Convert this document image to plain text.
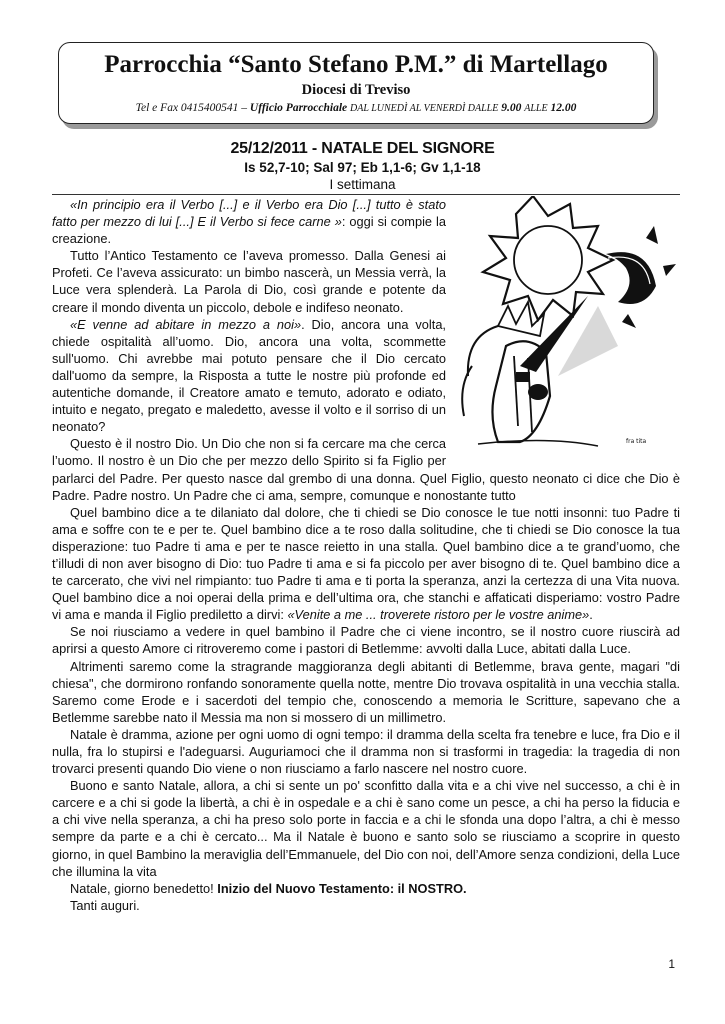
Parrocchia “Santo Stefano P.M.” di Martellago
Diocesi di Treviso
Tel e Fax 0415400541 – Ufficio Parrocchiale DAL LUNEDÌ AL VENERDÌ DALLE 9.00 ALLE 12.00
25/12/2011 - NATALE DEL SIGNORE
Is 52,7-10; Sal 97; Eb 1,1-6; Gv 1,1-18
I settimana
fra tita

«In principio era il Verbo [...] e il Verbo era Dio [...] tutto è stato fatto per mezzo di lui [...] E il Verbo si fece carne »: oggi si compie la creazione.

Tutto l’Antico Testamento ce l’aveva promesso. Dalla Genesi ai Profeti. Ce l’aveva assicurato: un bimbo nascerà, un Messia verrà, la Luce vera splenderà. La Parola di Dio, così grande e potente da creare il mondo diventa un piccolo, debole e indifeso neonato.

«E venne ad abitare in mezzo a noi». Dio, ancora una volta, chiede ospitalità all’uomo. Dio, ancora una volta, scommette sull'uomo. Chi avrebbe mai potuto pensare che il Dio cercato dall'uomo da sempre, la Risposta a tutte le nostre più profonde ed autentiche domande, il Creatore amato e temuto, adorato e odiato, intuito e negato, pregato e maledetto, avesse il volto e il sorriso di un neonato?

Questo è il nostro Dio. Un Dio che non si fa cercare ma che cerca l’uomo. Il nostro è un Dio che per mezzo dello Spirito si fa Figlio per parlarci del Padre. Per questo nasce dal grembo di una donna. Quel Figlio, questo neonato ci dice che Dio è Padre. Padre nostro. Un Padre che ci ama, sempre, comunque e nonostante tutto

Quel bambino dice a te dilaniato dal dolore, che ti chiedi se Dio conosce le tue notti insonni: tuo Padre ti ama e soffre con te e per te. Quel bambino dice a te roso dalla solitudine, che ti chiedi se Dio conosce la tua disperazione: tuo Padre ti ama e per te nasce reietto in una stalla. Quel bambino dice a te grand’uomo, che t’illudi di non aver bisogno di Dio: tuo Padre ti ama e si fa piccolo per aver bisogno di te. Quel bambino dice a te carcerato, che vivi nel rimpianto: tuo Padre ti ama e ti porta la speranza, anzi la certezza di una Vita nuova. Quel bambino dice a noi operai della prima e dell’ultima ora, che stanchi e affaticati disperiamo: vostro Padre vi ama e manda il Figlio prediletto a dirvi: «Venite a me ... troverete ristoro per le vostre anime».

Se noi riusciamo a vedere in quel bambino il Padre che ci viene incontro, se il nostro cuore riuscirà ad aprirsi a questo Amore ci ritroveremo come i pastori di Betlemme: avvolti dalla Luce, abitati dalla Luce.

Altrimenti saremo come la stragrande maggioranza degli abitanti di Betlemme, brava gente, magari "di chiesa", che dormirono ronfando sonoramente quella notte, mentre Dio trovava ospitalità in una vecchia stalla. Saremo come Erode e i sacerdoti del tempio che, conoscendo a memoria le Scritture, sapevano che a Betlemme sarebbe nato il Messia ma non si mossero di un millimetro.

Natale è dramma, azione per ogni uomo di ogni tempo: il dramma della scelta fra tenebre e luce, fra Dio e il nulla, fra lo stupirsi e l'adeguarsi. Auguriamoci che il dramma non si trasformi in tragedia: la tragedia di non trovarci presenti quando Dio viene o non riusciamo a farlo nascere nel nostro cuore.

Buono e santo Natale, allora, a chi si sente un po' sconfitto dalla vita e a chi vive nel successo, a chi è in carcere e a chi si gode la libertà, a chi è in ospedale e a chi è sano come un pesce, a chi ha perso la fiducia e a chi vive nella speranza, a chi ha preso solo porte in faccia e a chi le sfonda una dopo l’altra, a chi è messo sempre da parte e a chi è cercato... Ma il Natale è buono e santo solo se riusciamo a scoprire in questo giorno, in quel Bambino la meraviglia dell’Emmanuele, del Dio con noi, dell’Amore senza condizioni, della Luce che illumina la vita

Natale, giorno benedetto! Inizio del Nuovo Testamento: il NOSTRO.

Tanti auguri.

1
